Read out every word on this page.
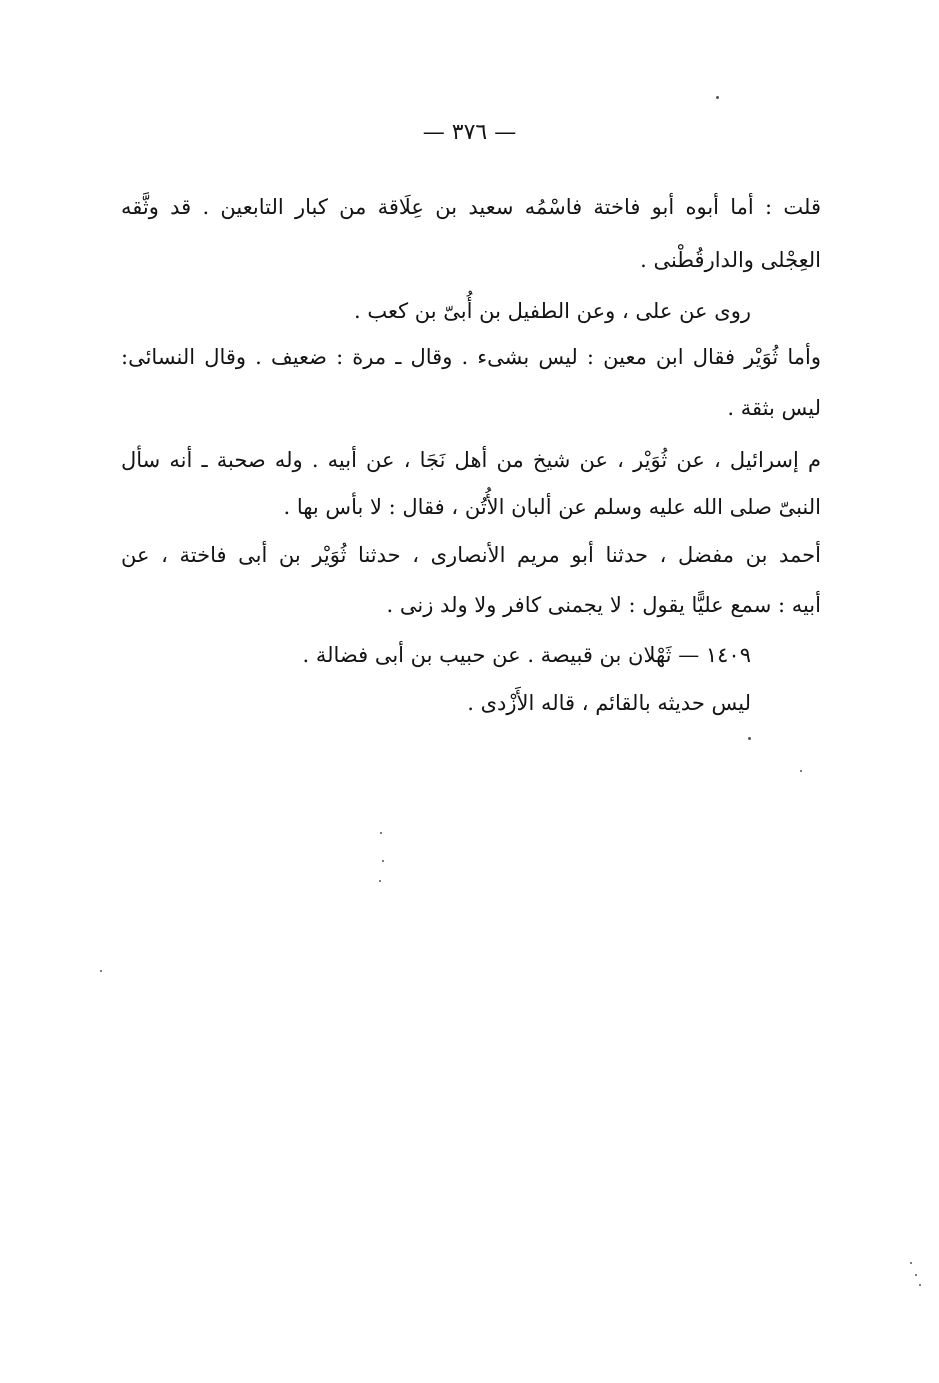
— ٣٧٦ —
قلت : أما أبوه أبو فاختة فاسْمُه سعيد بن عِلَاقة من كبار التابعين . قد وثَّقه
العِجْلى والدارقُطْنى .
روى عن على ، وعن الطفيل بن أُبىّ بن كعب .
وأما ثُوَيْر فقال ابن معين : ليس بشىء . وقال ـ مرة : ضعيف . وقال النسائى:
ليس بثقة .
م إسرائيل ، عن ثُوَيْر ، عن شيخ من أهل نَجَا ، عن أبيه . وله صحبة ـ أنه سأل
النبىّ صلى الله عليه وسلم عن ألبان الأُتُن ، فقال : لا بأس بها .
أحمد بن مفضل ، حدثنا أبو مريم الأنصارى ، حدثنا ثُوَيْر بن أبى فاختة ، عن
أبيه : سمع عليًّا يقول : لا يجمنى كافر ولا ولد زنى .
١٤٠٩ — ثَهْلان بن قبيصة . عن حبيب بن أبى فضالة .
ليس حديثه بالقائم ، قاله الأَزْدى .
